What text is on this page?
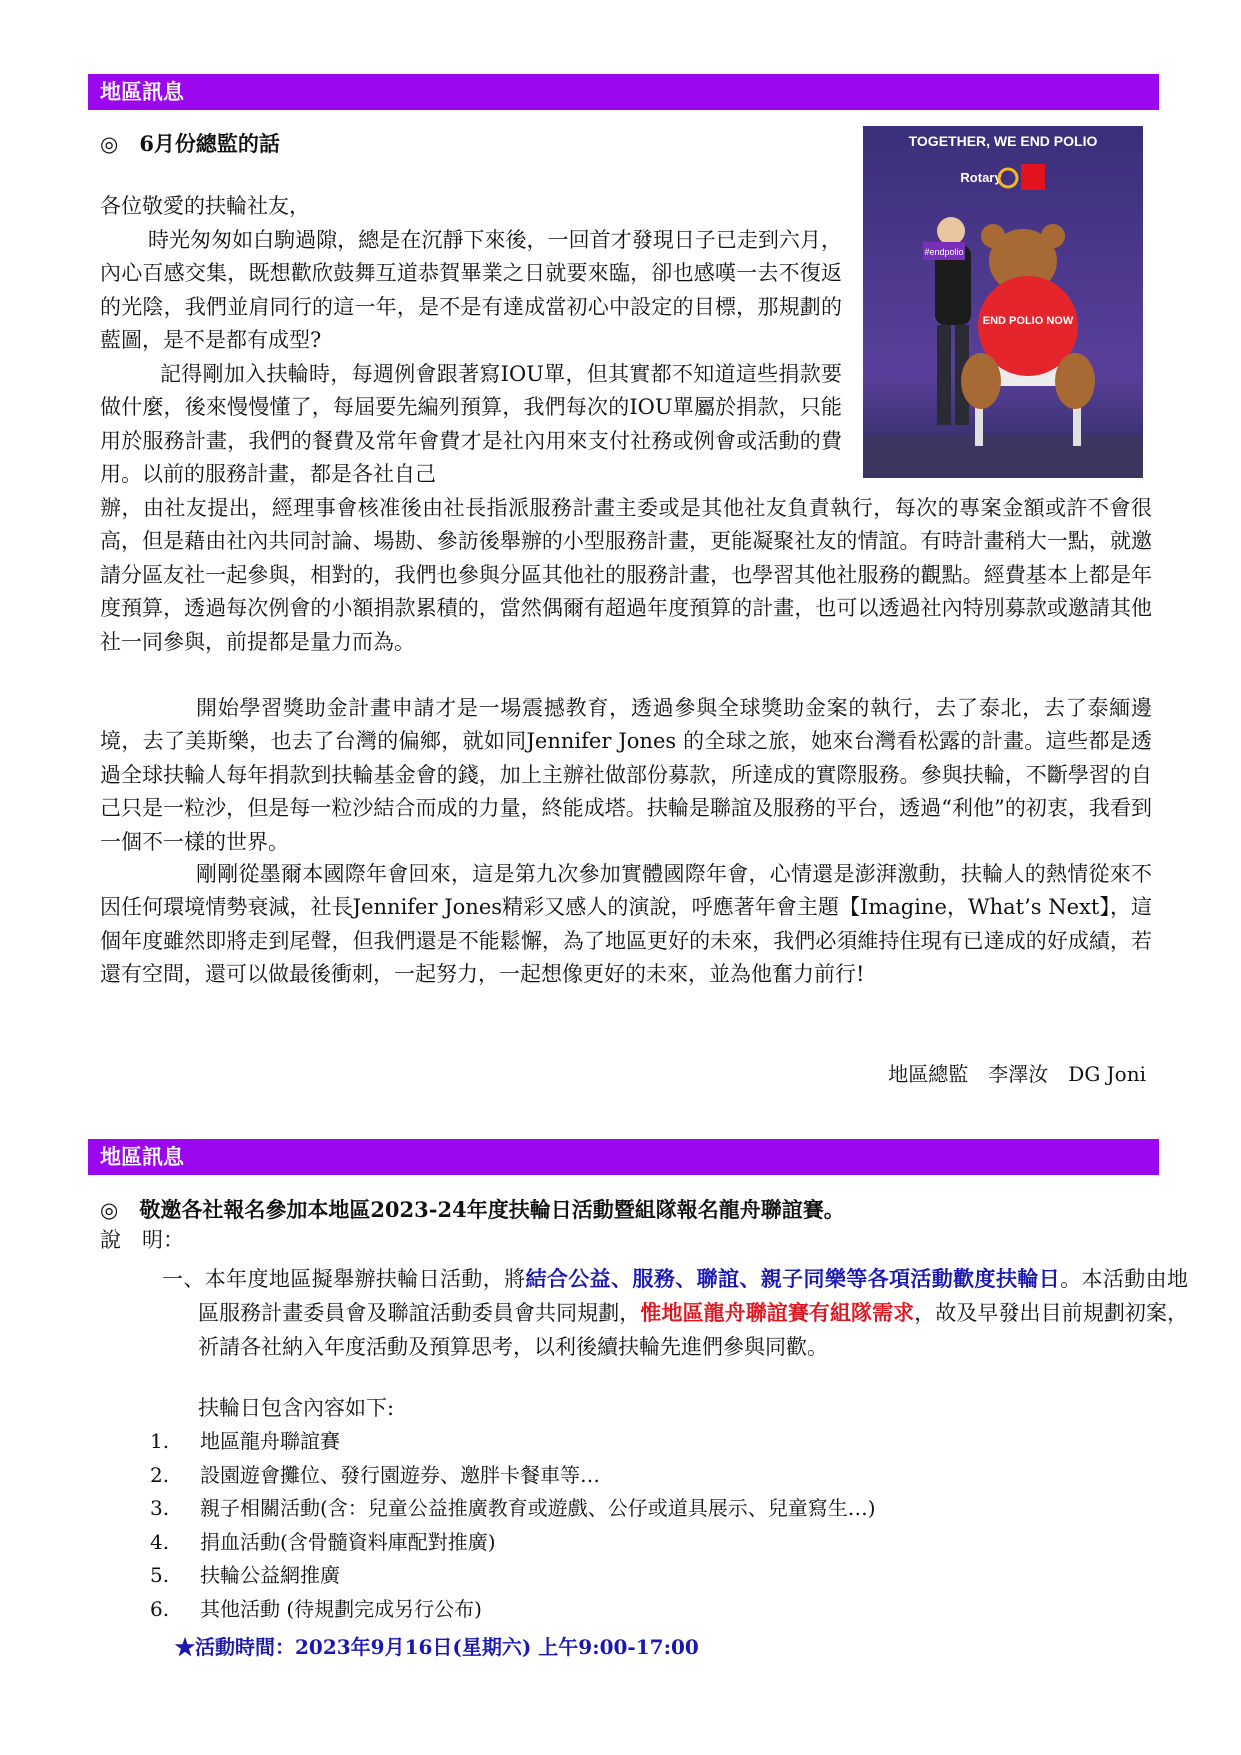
地區訊息
◎　6月份總監的話	TOGETHER, WE END POLIO
Rotary
#endpolio
END POLIO NOW

各位敬愛的扶輪社友，

時光匆匆如白駒過隙，總是在沉靜下來後，一回首才發現日子已走到六月，內心百感交集，既想歡欣鼓舞互道恭賀畢業之日就要來臨，卻也感嘆一去不復返的光陰，我們並肩同行的這一年，是不是有達成當初心中設定的目標，那規劃的藍圖，是不是都有成型?

記得剛加入扶輪時，每週例會跟著寫IOU單，但其實都不知道這些捐款要做什麼，後來慢慢懂了，每屆要先編列預算，我們每次的IOU單屬於捐款，只能用於服務計畫，我們的餐費及常年會費才是社內用來支付社務或例會或活動的費用。以前的服務計畫，都是各社自己

辦，由社友提出，經理事會核准後由社長指派服務計畫主委或是其他社友負責執行，每次的專案金額或許不會很高，但是藉由社內共同討論、場勘、參訪後舉辦的小型服務計畫，更能凝聚社友的情誼。有時計畫稍大一點，就邀請分區友社一起參與，相對的，我們也參與分區其他社的服務計畫，也學習其他社服務的觀點。經費基本上都是年度預算，透過每次例會的小額捐款累積的，當然偶爾有超過年度預算的計畫，也可以透過社內特別募款或邀請其他社一同參與，前提都是量力而為。

開始學習獎助金計畫申請才是一場震撼教育，透過參與全球獎助金案的執行，去了泰北，去了泰緬邊境，去了美斯樂，也去了台灣的偏鄉，就如同Jennifer Jones 的全球之旅，她來台灣看松露的計畫。這些都是透過全球扶輪人每年捐款到扶輪基金會的錢，加上主辦社做部份募款，所達成的實際服務。參與扶輪，不斷學習的自己只是一粒沙，但是每一粒沙結合而成的力量，終能成塔。扶輪是聯誼及服務的平台，透過“利他”的初衷，我看到一個不一樣的世界。

剛剛從墨爾本國際年會回來，這是第九次參加實體國際年會，心情還是澎湃激動，扶輪人的熱情從來不因任何環境情勢衰減，社長Jennifer Jones精彩又感人的演說，呼應著年會主題【Imagine，What’s Next】，這個年度雖然即將走到尾聲，但我們還是不能鬆懈，為了地區更好的未來，我們必須維持住現有已達成的好成績，若還有空間，還可以做最後衝刺，一起努力，一起想像更好的未來，並為他奮力前行!

地區總監　李澤汝　DG Joni
地區訊息
◎　敬邀各社報名參加本地區2023-24年度扶輪日活動暨組隊報名龍舟聯誼賽。
說　明：

一、本年度地區擬舉辦扶輪日活動，將結合公益、服務、聯誼、親子同樂等各項活動歡度扶輪日。本活動由地區服務計畫委員會及聯誼活動委員會共同規劃，惟地區龍舟聯誼賽有組隊需求，故及早發出目前規劃初案，祈請各社納入年度活動及預算思考，以利後續扶輪先進們參與同歡。

扶輪日包含內容如下:
1. 地區龍舟聯誼賽
2. 設園遊會攤位、發行園遊券、邀胖卡餐車等…
3. 親子相關活動(含：兒童公益推廣教育或遊戲、公仔或道具展示、兒童寫生…)
4. 捐血活動(含骨髓資料庫配對推廣)
5. 扶輪公益網推廣
6. 其他活動 (待規劃完成另行公布)
★活動時間：2023年9月16日(星期六) 上午9:00-17:00
